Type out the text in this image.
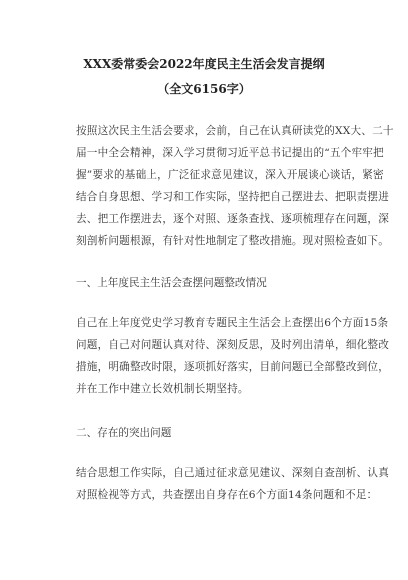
XXX委常委会2022年度民主生活会发言提纲
（全文6156字）
按照这次民主生活会要求，会前，自己在认真研读党的XX大、二十
届一中全会精神，深入学习贯彻习近平总书记提出的“五个牢牢把
握”要求的基础上，广泛征求意见建议，深入开展谈心谈话，紧密
结合自身思想、学习和工作实际，坚持把自己摆进去、把职责摆进
去、把工作摆进去，逐个对照、逐条查找、逐项梳理存在问题，深
刻剖析问题根源，有针对性地制定了整改措施。现对照检查如下。
一、上年度民主生活会查摆问题整改情况
自己在上年度党史学习教育专题民主生活会上查摆出6个方面15条
问题，自己对问题认真对待、深刻反思，及时列出清单，细化整改
措施，明确整改时限，逐项抓好落实，目前问题已全部整改到位，
并在工作中建立长效机制长期坚持。
二、存在的突出问题
结合思想工作实际，自己通过征求意见建议、深刻自查剖析、认真
对照检视等方式，共查摆出自身存在6个方面14条问题和不足：
